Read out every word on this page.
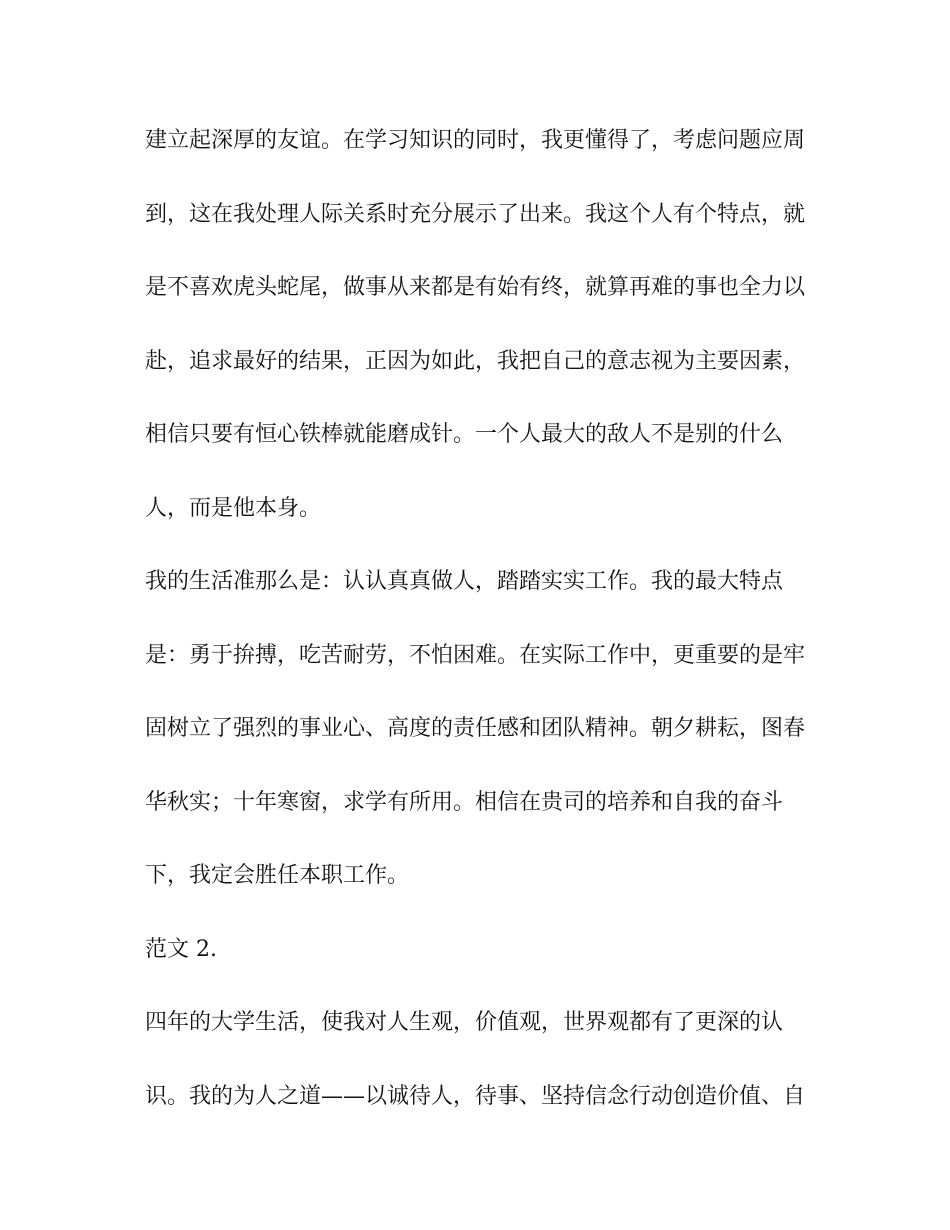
建立起深厚的友谊。在学习知识的同时，我更懂得了，考虑问题应周
到，这在我处理人际关系时充分展示了出来。我这个人有个特点，就
是不喜欢虎头蛇尾，做事从来都是有始有终，就算再难的事也全力以
赴，追求最好的结果，正因为如此，我把自己的意志视为主要因素，
相信只要有恒心铁棒就能磨成针。一个人最大的敌人不是别的什么
人，而是他本身。
我的生活准那么是：认认真真做人，踏踏实实工作。我的最大特点
是：勇于拚搏，吃苦耐劳，不怕困难。在实际工作中，更重要的是牢
固树立了强烈的事业心、高度的责任感和团队精神。朝夕耕耘，图春
华秋实；十年寒窗，求学有所用。相信在贵司的培养和自我的奋斗
下，我定会胜任本职工作。
范文 2.
四年的大学生活，使我对人生观，价值观，世界观都有了更深的认
识。我的为人之道——以诚待人，待事、坚持信念行动创造价值、自
